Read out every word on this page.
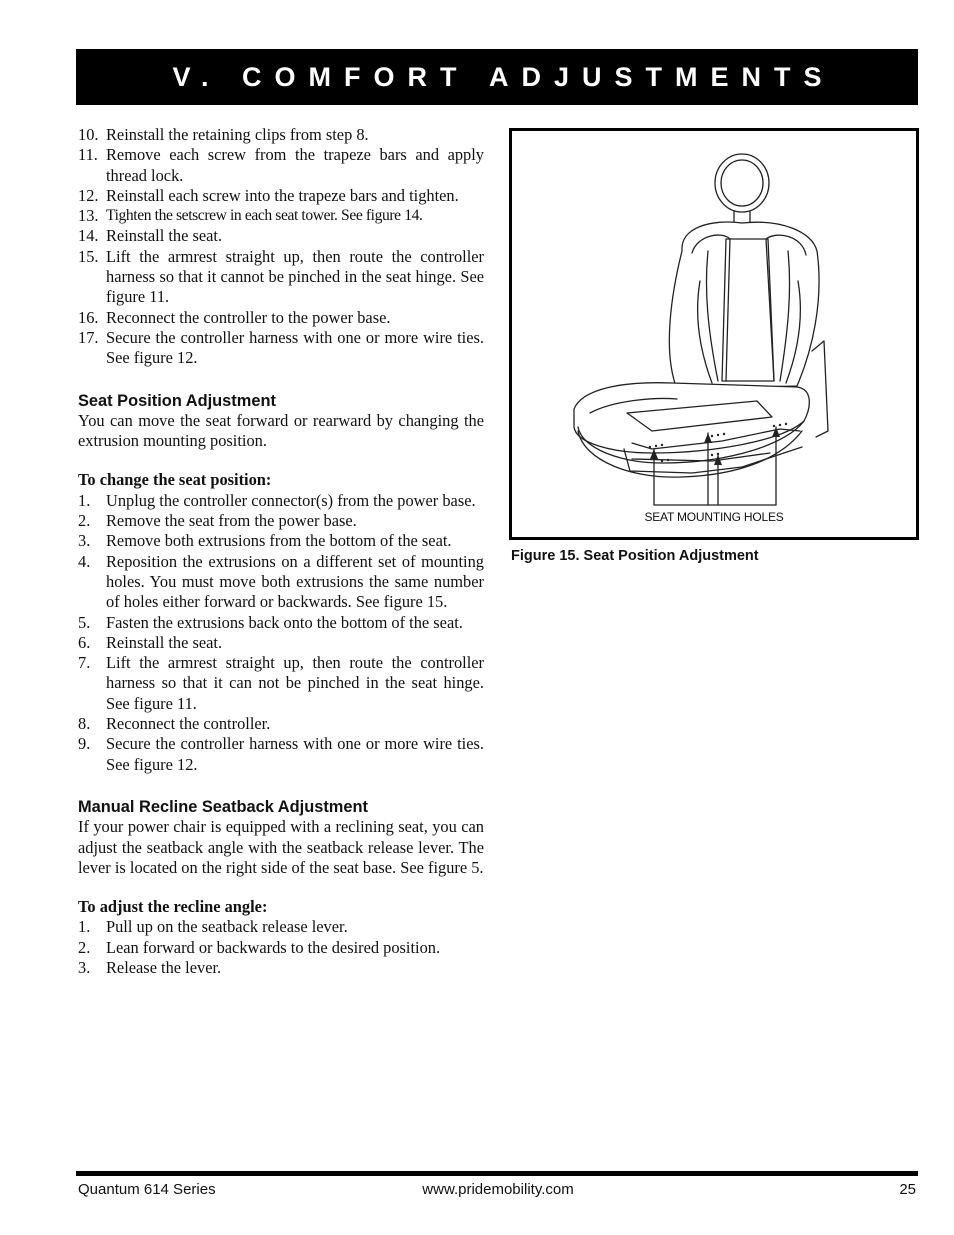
V. COMFORT ADJUSTMENTS
10. Reinstall the retaining clips from step 8.
11. Remove each screw from the trapeze bars and apply thread lock.
12. Reinstall each screw into the trapeze bars and tighten.
13. Tighten the setscrew in each seat tower. See figure 14.
14. Reinstall the seat.
15. Lift the armrest straight up, then route the controller harness so that it cannot be pinched in the seat hinge. See figure 11.
16. Reconnect the controller to the power base.
17. Secure the controller harness with one or more wire ties. See figure 12.
Seat Position Adjustment
You can move the seat forward or rearward by changing the extrusion mounting position.
To change the seat position:
1. Unplug the controller connector(s) from the power base.
2. Remove the seat from the power base.
3. Remove both extrusions from the bottom of the seat.
4. Reposition the extrusions on a different set of mounting holes. You must move both extrusions the same number of holes either forward or backwards. See figure 15.
5. Fasten the extrusions back onto the bottom of the seat.
6. Reinstall the seat.
7. Lift the armrest straight up, then route the controller harness so that it can not be pinched in the seat hinge. See figure 11.
8. Reconnect the controller.
9. Secure the controller harness with one or more wire ties. See figure 12.
Manual Recline Seatback Adjustment
If your power chair is equipped with a reclining seat, you can adjust the seatback angle with the seatback release lever. The lever is located on the right side of the seat base. See figure 5.
To adjust the recline angle:
1. Pull up on the seatback release lever.
2. Lean forward or backwards to the desired position.
3. Release the lever.
SEAT MOUNTING HOLES
Figure 15. Seat Position Adjustment
Quantum 614 Series	www.pridemobility.com	25
